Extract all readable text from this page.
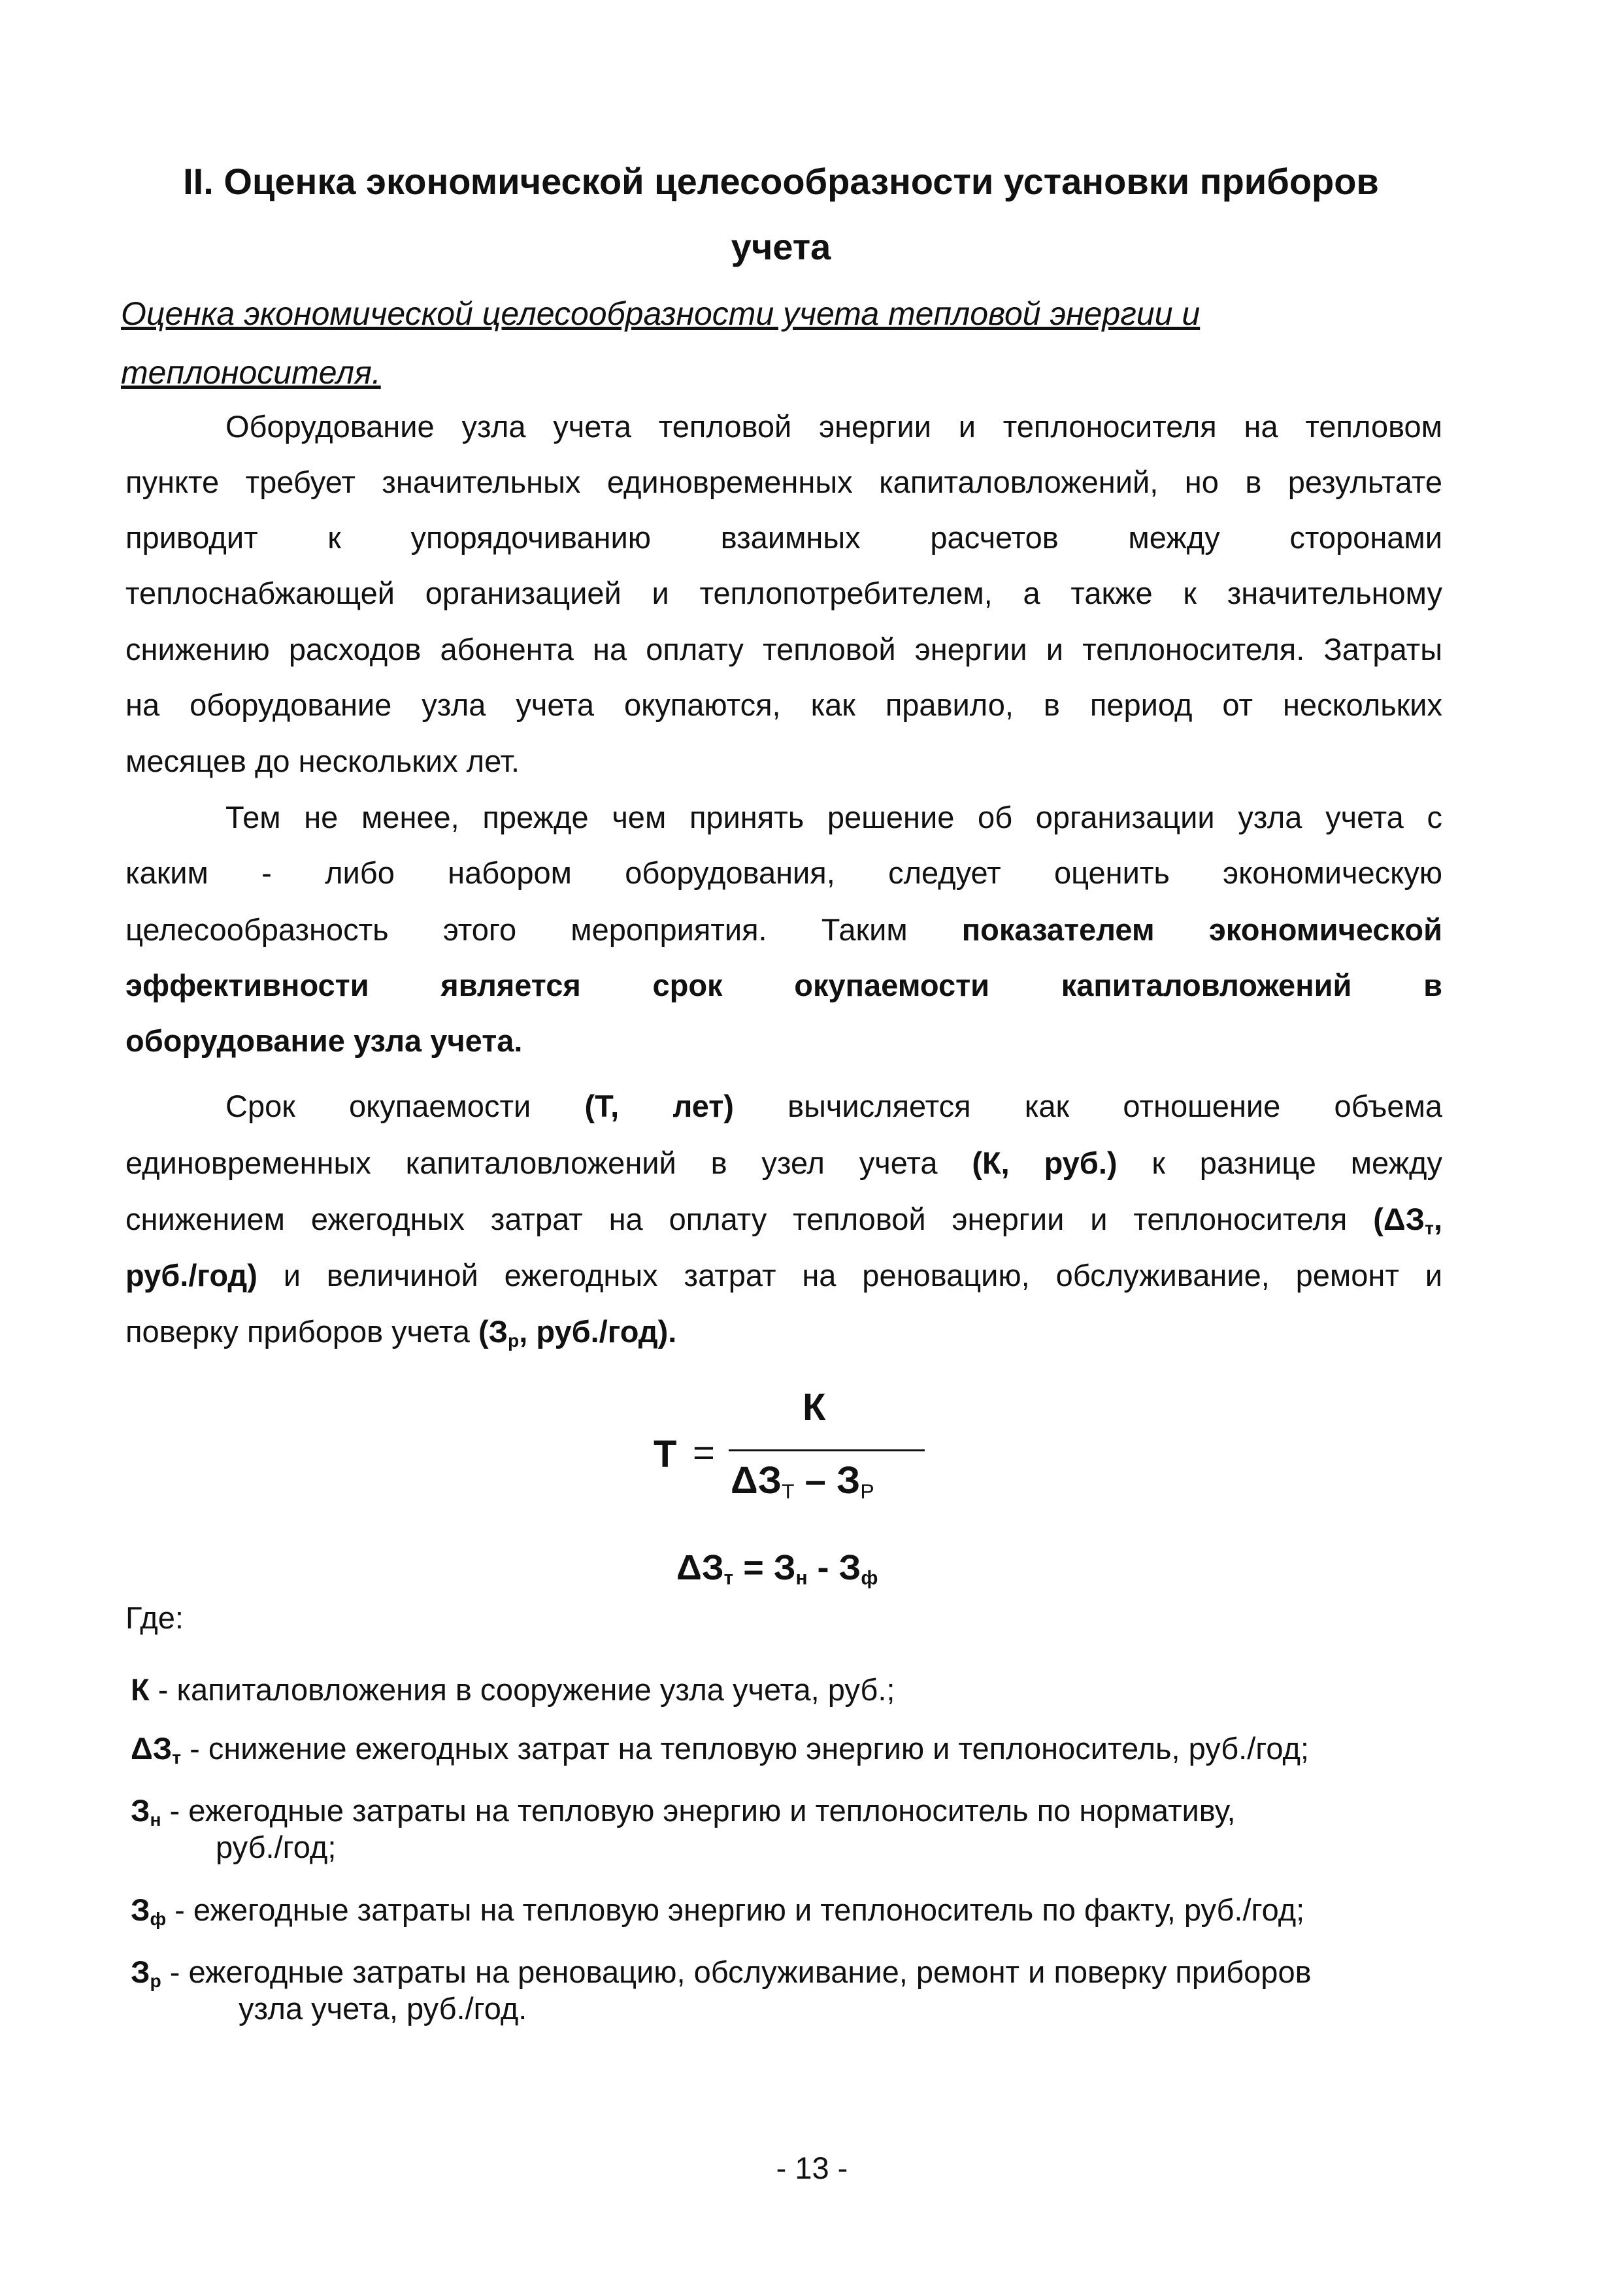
II. Оценка экономической целесообразности установки приборов
учета
Оценка экономической целесообразности учета тепловой энергии и
теплоносителя.
Оборудование узла учета тепловой энергии и теплоносителя на тепловом
пункте требует значительных единовременных капиталовложений, но в результате
приводит к упорядочиванию взаимных расчетов между сторонами
теплоснабжающей организацией и теплопотребителем, а также к значительному
снижению расходов абонента на оплату тепловой энергии и теплоносителя. Затраты
на оборудование узла учета окупаются, как правило, в период от нескольких
месяцев до нескольких лет.
Тем не менее, прежде чем принять решение об организации узла учета с
каким - либо набором оборудования, следует оценить экономическую
целесообразность этого мероприятия. Таким показателем экономической
эффективности является срок окупаемости капиталовложений в
оборудование узла учета.
Срок окупаемости (Т, лет) вычисляется как отношение объема
единовременных капиталовложений в узел учета (К, руб.) к разнице между
снижением ежегодных затрат на оплату тепловой энергии и теплоносителя ($\Delta З_т$,
руб./год) и величиной ежегодных затрат на реновацию, обслуживание, ремонт и
поверку приборов учета ($З_р$, руб./год).
Т =
К
$\Delta З_Т - З_Р$
$\Delta З_т = З_н - З_ф$
Где:
К - капиталовложения в сооружение узла учета, руб.;
$\Delta З_т$ - снижение ежегодных затрат на тепловую энергию и теплоноситель, руб./год;
$З_н$ - ежегодные затраты на тепловую энергию и теплоноситель по нормативу,
руб./год;
$З_ф$ - ежегодные затраты на тепловую энергию и теплоноситель по факту, руб./год;
$З_р$ - ежегодные затраты на реновацию, обслуживание, ремонт и поверку приборов
узла учета, руб./год.
- 13 -
